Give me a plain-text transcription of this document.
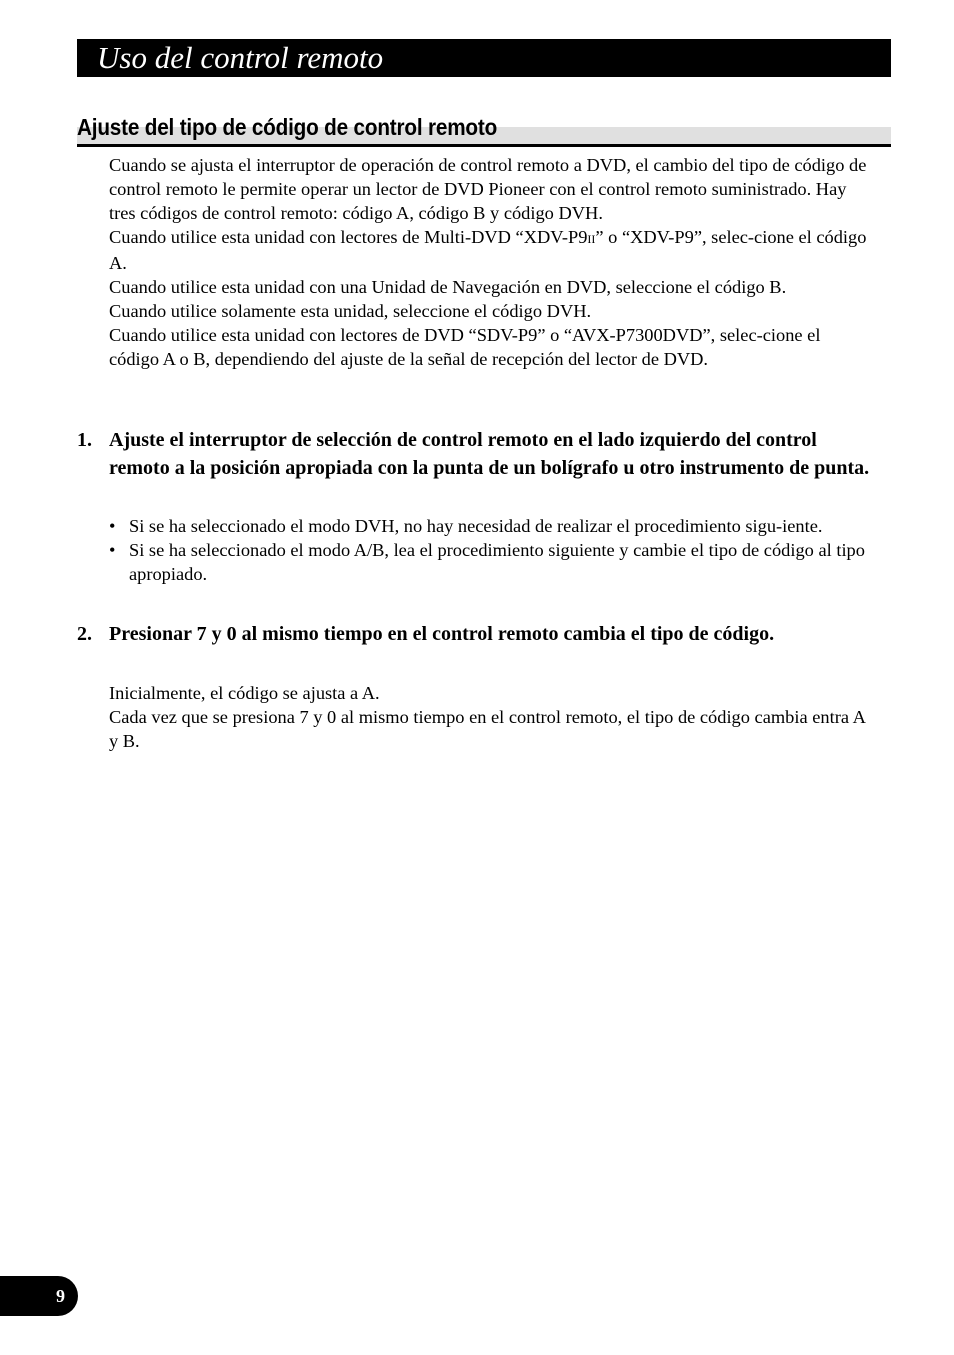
Uso del control remoto
Ajuste del tipo de código de control remoto

Cuando se ajusta el interruptor de operación de control remoto a DVD, el cambio del tipo de código de control remoto le permite operar un lector de DVD Pioneer con el control remoto suministrado. Hay tres códigos de control remoto: código A, código B y código DVH.

Cuando utilice esta unidad con lectores de Multi-DVD “XDV-P9II” o “XDV-P9”, selec-cione el código A.

Cuando utilice esta unidad con una Unidad de Navegación en DVD, seleccione el código B.

Cuando utilice solamente esta unidad, seleccione el código DVH.

Cuando utilice esta unidad con lectores de DVD “SDV-P9” o “AVX-P7300DVD”, selec-cione el código A o B, dependiendo del ajuste de la señal de recepción del lector de DVD.

1. Ajuste el interruptor de selección de control remoto en el lado izquierdo del control remoto a la posición apropiada con la punta de un bolígrafo u otro instrumento de punta.
• Si se ha seleccionado el modo DVH, no hay necesidad de realizar el procedimiento sigu-iente.
• Si se ha seleccionado el modo A/B, lea el procedimiento siguiente y cambie el tipo de código al tipo apropiado.
2. Presionar 7 y 0 al mismo tiempo en el control remoto cambia el tipo de código.

Inicialmente, el código se ajusta a A.

Cada vez que se presiona 7 y 0 al mismo tiempo en el control remoto, el tipo de código cambia entra A y B.

9
